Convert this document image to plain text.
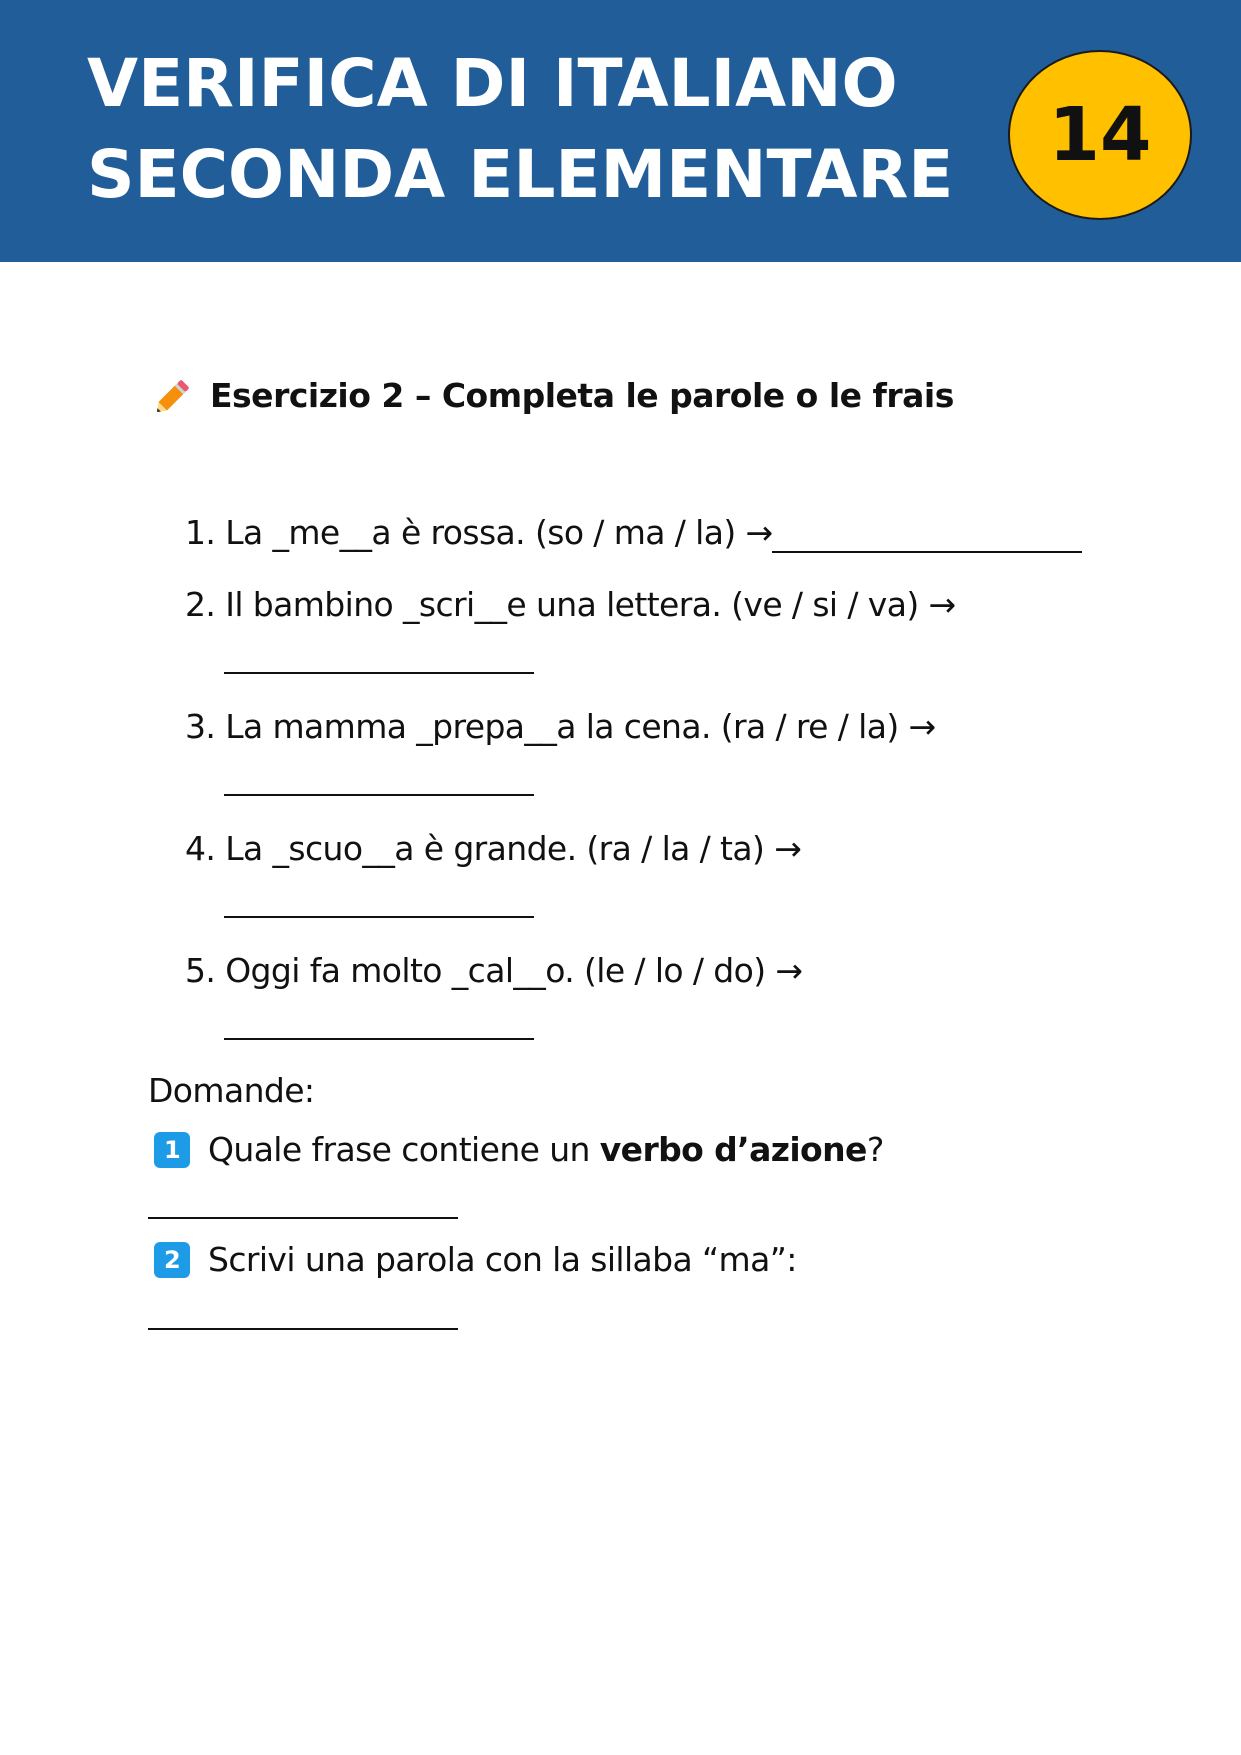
VERIFICA DI ITALIANO
SECONDA ELEMENTARE	14
Esercizio 2 – Completa le parole o le frais
1. La _me__a è rossa. (so / ma / la) →
2. Il bambino _scri__e una lettera. (ve / si / va) →
3. La mamma _prepa__a la cena. (ra / re / la) →
4. La _scuo__a è grande. (ra / la / ta) →
5. Oggi fa molto _cal__o. (le / lo / do) →
Domande:
1 Quale frase contiene un verbo d’azione?
2 Scrivi una parola con la sillaba “ma”:
